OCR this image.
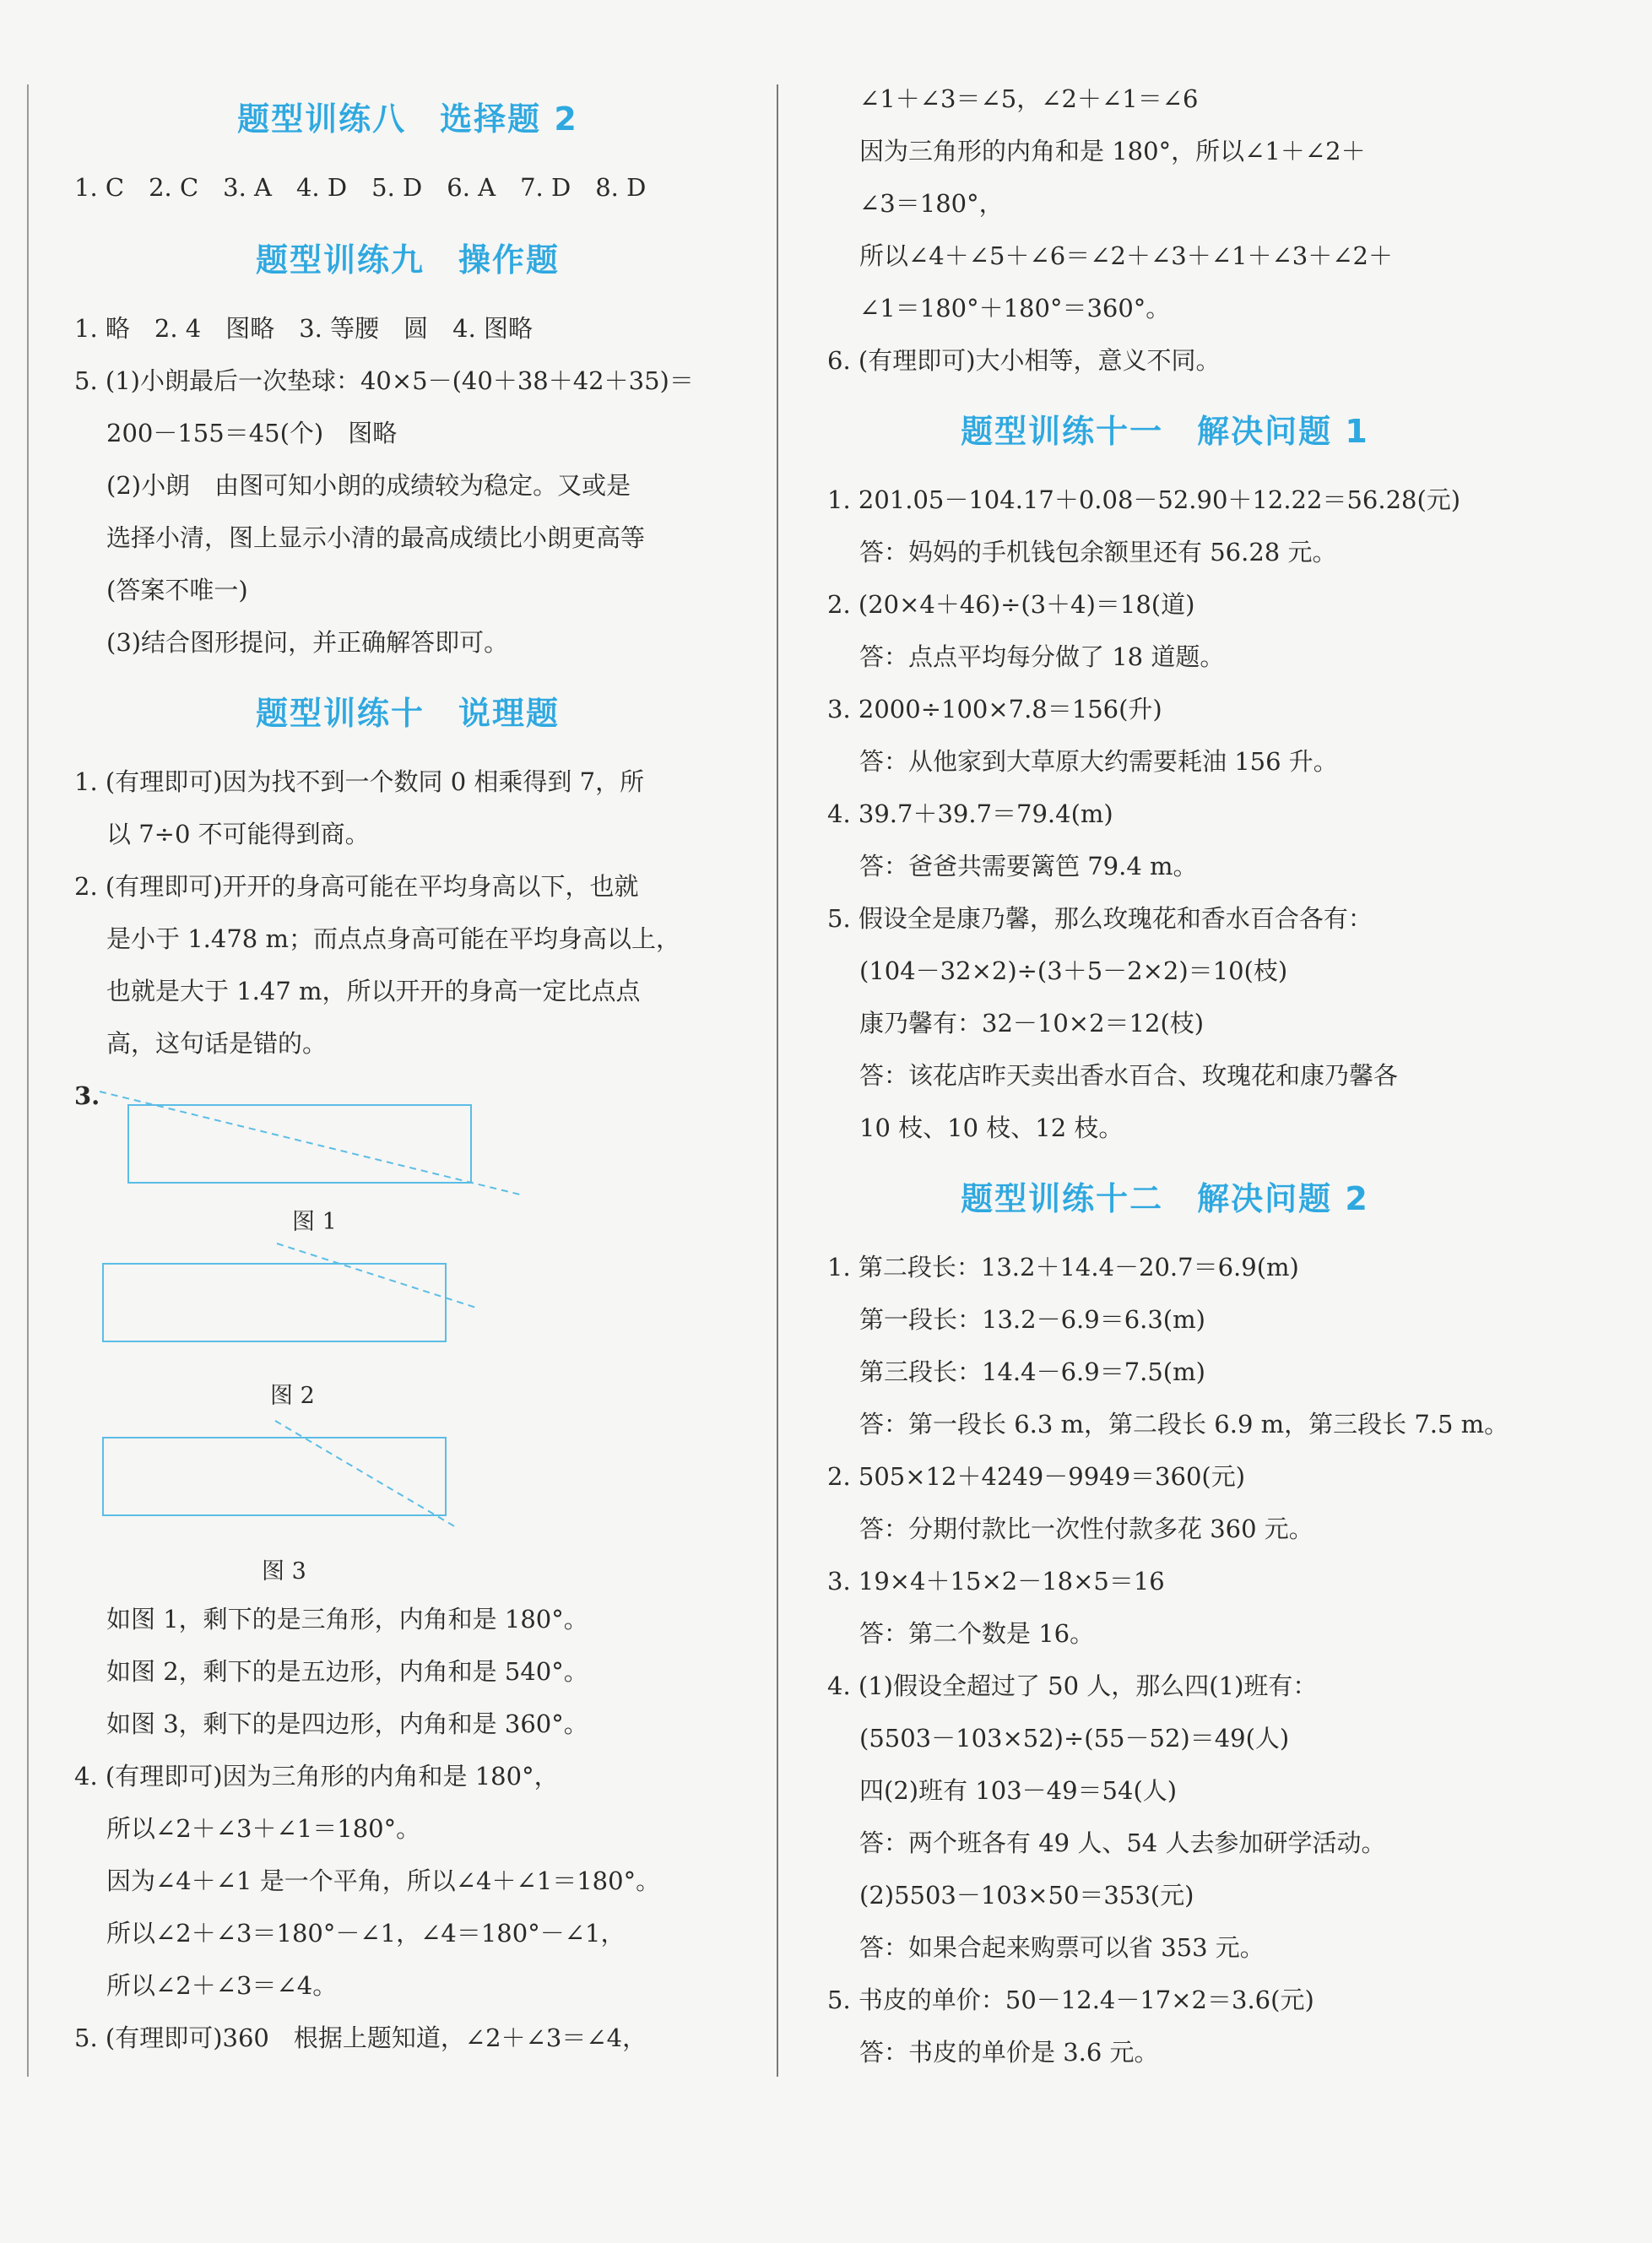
题型训练八　选择题 2
1. C　2. C　3. A　4. D　5. D　6. A　7. D　8. D
题型训练九　操作题
1. 略　2. 4　图略　3. 等腰　圆　4. 图略
5. (1)小朗最后一次垫球：40×5－(40＋38＋42＋35)＝
200－155＝45(个)　图略
(2)小朗　由图可知小朗的成绩较为稳定。又或是
选择小清，图上显示小清的最高成绩比小朗更高等
(答案不唯一)
(3)结合图形提问，并正确解答即可。
题型训练十　说理题
1. (有理即可)因为找不到一个数同 0 相乘得到 7，所
以 7÷0 不可能得到商。
2. (有理即可)开开的身高可能在平均身高以下，也就
是小于 1.478 m；而点点身高可能在平均身高以上，
也就是大于 1.47 m，所以开开的身高一定比点点
高，这句话是错的。
3.
图 1
图 2
图 3
如图 1，剩下的是三角形，内角和是 180°。
如图 2，剩下的是五边形，内角和是 540°。
如图 3，剩下的是四边形，内角和是 360°。
4. (有理即可)因为三角形的内角和是 180°，
所以∠2＋∠3＋∠1＝180°。
因为∠4＋∠1 是一个平角，所以∠4＋∠1＝180°。
所以∠2＋∠3＝180°－∠1，∠4＝180°－∠1，
所以∠2＋∠3＝∠4。
5. (有理即可)360　根据上题知道，∠2＋∠3＝∠4，
∠1＋∠3＝∠5，∠2＋∠1＝∠6
因为三角形的内角和是 180°，所以∠1＋∠2＋
∠3＝180°，
所以∠4＋∠5＋∠6＝∠2＋∠3＋∠1＋∠3＋∠2＋
∠1＝180°＋180°＝360°。
6. (有理即可)大小相等，意义不同。
题型训练十一　解决问题 1
1. 201.05－104.17＋0.08－52.90＋12.22＝56.28(元)
答：妈妈的手机钱包余额里还有 56.28 元。
2. (20×4＋46)÷(3＋4)＝18(道)
答：点点平均每分做了 18 道题。
3. 2000÷100×7.8＝156(升)
答：从他家到大草原大约需要耗油 156 升。
4. 39.7＋39.7＝79.4(m)
答：爸爸共需要篱笆 79.4 m。
5. 假设全是康乃馨，那么玫瑰花和香水百合各有：
(104－32×2)÷(3＋5－2×2)＝10(枝)
康乃馨有：32－10×2＝12(枝)
答：该花店昨天卖出香水百合、玫瑰花和康乃馨各
10 枝、10 枝、12 枝。
题型训练十二　解决问题 2
1. 第二段长：13.2＋14.4－20.7＝6.9(m)
第一段长：13.2－6.9＝6.3(m)
第三段长：14.4－6.9＝7.5(m)
答：第一段长 6.3 m，第二段长 6.9 m，第三段长 7.5 m。
2. 505×12＋4249－9949＝360(元)
答：分期付款比一次性付款多花 360 元。
3. 19×4＋15×2－18×5＝16
答：第二个数是 16。
4. (1)假设全超过了 50 人，那么四(1)班有：
(5503－103×52)÷(55－52)＝49(人)
四(2)班有 103－49＝54(人)
答：两个班各有 49 人、54 人去参加研学活动。
(2)5503－103×50＝353(元)
答：如果合起来购票可以省 353 元。
5. 书皮的单价：50－12.4－17×2＝3.6(元)
答：书皮的单价是 3.6 元。
